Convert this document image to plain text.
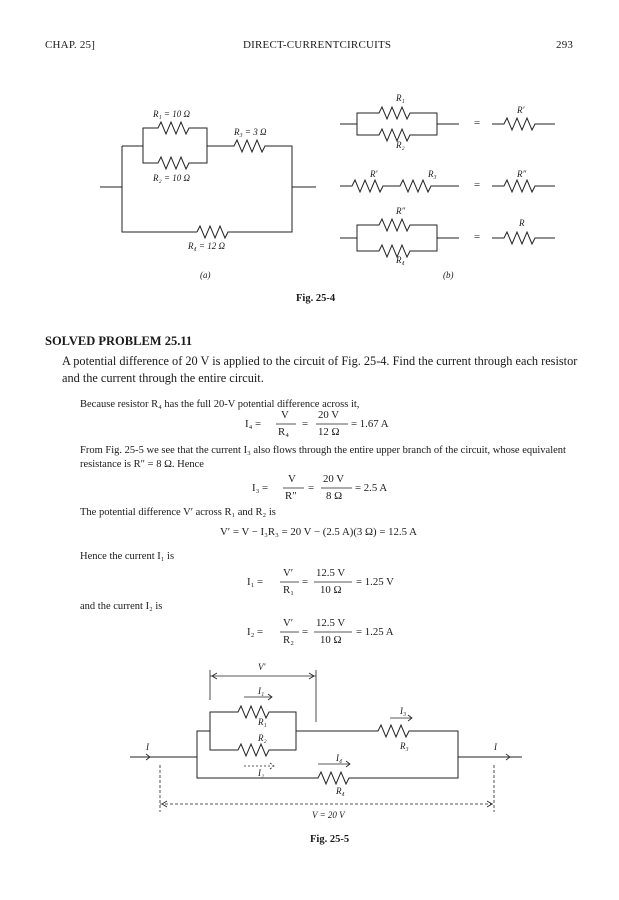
CHAP. 25]	DIRECT-CURRENTCIRCUITS	293
R₁ = 10 Ω
R₂ = 10 Ω
R₃ = 3 Ω
R₄ = 12 Ω
(a)
R₁
R₂
=
R′
R′	R₃
=
R″
R″
R₄
=
R
(b)
Fig. 25-4
SOLVED PROBLEM 25.11
A potential difference of 20 V is applied to the circuit of Fig. 25-4. Find the current through each resistor and the current through the entire circuit.
Because resistor R₄ has the full 20-V potential difference across it,
I₄ =
V
R₄
=
20 V
12 Ω
= 1.67 A
From Fig. 25-5 we see that the current I₃ also flows through the entire upper branch of the circuit, whose equivalent resistance is R″ = 8 Ω. Hence
I₃ =
V
R″
=
20 V
8 Ω
= 2.5 A
The potential difference V′ across R₁ and R₂ is
V′ = V − I₃R₃ = 20 V − (2.5 A)(3 Ω) = 12.5 A
Hence the current I₁ is
I₁ =
V′
R₁
=
12.5 V
10 Ω
= 1.25 V
and the current I₂ is
I₂ =
V′
R₂
=
12.5 V
10 Ω
= 1.25 A
V′
I₁
R₁
R₂
I₂
I₃
R₃
I₄
R₄
I	I
V = 20 V
Fig. 25-5
